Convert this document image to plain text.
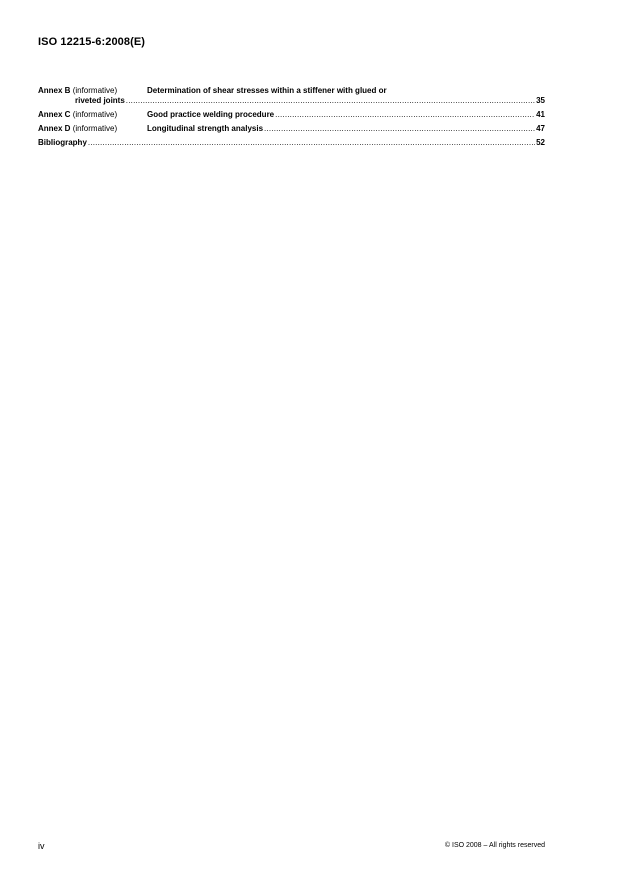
ISO 12215-6:2008(E)
Annex B (informative)	Determination of shear stresses within a stiffener with glued or
riveted joints .....	35
Annex C (informative)	Good practice welding procedure .....	41
Annex D (informative)	Longitudinal strength analysis .....	47
Bibliography .....	52
iv	© ISO 2008 – All rights reserved
